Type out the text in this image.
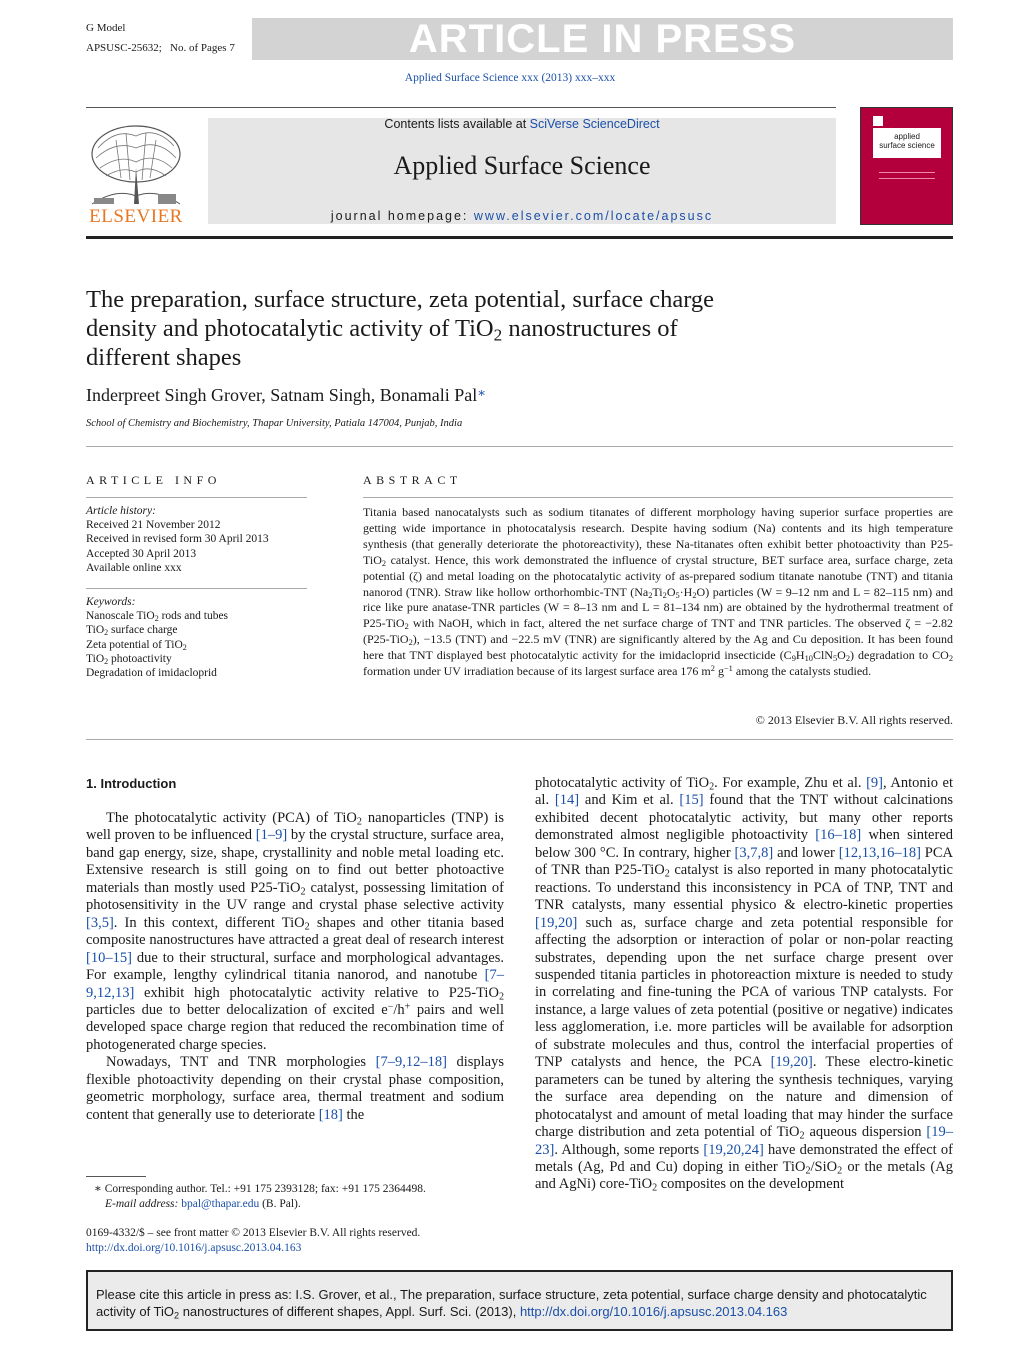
G Model
APSUSC-25632; No. of Pages 7	ARTICLE IN PRESS
Applied Surface Science xxx (2013) xxx–xxx
ELSEVIER
Contents lists available at SciVerse ScienceDirect
Applied Surface Science
journal homepage: www.elsevier.com/locate/apsusc
applied
surface science
The preparation, surface structure, zeta potential, surface charge
density and photocatalytic activity of TiO$_2$ nanostructures of
different shapes
Inderpreet Singh Grover, Satnam Singh, Bonamali Pal∗
School of Chemistry and Biochemistry, Thapar University, Patiala 147004, Punjab, India
ARTICLE INFO
Article history:
Received 21 November 2012
Received in revised form 30 April 2013
Accepted 30 April 2013
Available online xxx
Keywords:
Nanoscale TiO$_2$ rods and tubes
TiO$_2$ surface charge
Zeta potential of TiO$_2$
TiO$_2$ photoactivity
Degradation of imidacloprid
ABSTRACT
Titania based nanocatalysts such as sodium titanates of different morphology having superior surface properties are getting wide importance in photocatalysis research. Despite having sodium (Na) contents and its high temperature synthesis (that generally deteriorate the photoreactivity), these Na-titanates often exhibit better photoactivity than P25-TiO$_2$ catalyst. Hence, this work demonstrated the influence of crystal structure, BET surface area, surface charge, zeta potential (ζ) and metal loading on the photocatalytic activity of as-prepared sodium titanate nanotube (TNT) and titania nanorod (TNR). Straw like hollow orthorhombic-TNT $(Na_2Ti_2O_5\cdot H_2O)$ particles (W = 9–12 nm and L = 82–115 nm) and rice like pure anatase-TNR particles (W = 8–13 nm and L = 81–134 nm) are obtained by the hydrothermal treatment of P25-TiO$_2$ with NaOH, which in fact, altered the net surface charge of TNT and TNR particles. The observed ζ = −2.82 (P25-TiO$_2$), −13.5 (TNT) and −22.5 mV (TNR) are significantly altered by the Ag and Cu deposition. It has been found here that TNT displayed best photocatalytic activity for the imidacloprid insecticide $(C_9H_{10}ClN_5O_2)$ degradation to $CO_2$ formation under UV irradiation because of its largest surface area 176 $m^2$ $g^{-1}$ among the catalysts studied.
© 2013 Elsevier B.V. All rights reserved.
1. Introduction

The photocatalytic activity (PCA) of TiO$_2$ nanoparticles (TNP) is well proven to be influenced [1–9] by the crystal structure, surface area, band gap energy, size, shape, crystallinity and noble metal loading etc. Extensive research is still going on to find out better photoactive materials than mostly used P25-TiO$_2$ catalyst, possessing limitation of photosensitivity in the UV range and crystal phase selective activity [3,5]. In this context, different TiO$_2$ shapes and other titania based composite nanostructures have attracted a great deal of research interest [10–15] due to their structural, surface and morphological advantages. For example, lengthy cylindrical titania nanorod, and nanotube [7–9,12,13] exhibit high photocatalytic activity relative to P25-TiO$_2$ particles due to better delocalization of excited e−/h+ pairs and well developed space charge region that reduced the recombination time of photogenerated charge species.

Nowadays, TNT and TNR morphologies [7–9,12–18] displays flexible photoactivity depending on their crystal phase composition, geometric morphology, surface area, thermal treatment and sodium content that generally use to deteriorate [18] the

photocatalytic activity of TiO$_2$. For example, Zhu et al. [9], Antonio et al. [14] and Kim et al. [15] found that the TNT without calcinations exhibited decent photocatalytic activity, but many other reports demonstrated almost negligible photoactivity [16–18] when sintered below 300 °C. In contrary, higher [3,7,8] and lower [12,13,16–18] PCA of TNR than P25-TiO$_2$ catalyst is also reported in many photocatalytic reactions. To understand this inconsistency in PCA of TNP, TNT and TNR catalysts, many essential physico & electro-kinetic properties [19,20] such as, surface charge and zeta potential responsible for affecting the adsorption or interaction of polar or non-polar reacting substrates, depending upon the net surface charge present over suspended titania particles in photoreaction mixture is needed to study in correlating and fine-tuning the PCA of various TNP catalysts. For instance, a large values of zeta potential (positive or negative) indicates less agglomeration, i.e. more particles will be available for adsorption of substrate molecules and thus, control the interfacial properties of TNP catalysts and hence, the PCA [19,20]. These electro-kinetic parameters can be tuned by altering the synthesis techniques, varying the surface area depending on the nature and dimension of photocatalyst and amount of metal loading that may hinder the surface charge distribution and zeta potential of TiO$_2$ aqueous dispersion [19–23]. Although, some reports [19,20,24] have demonstrated the effect of metals (Ag, Pd and Cu) doping in either TiO$_2$/SiO$_2$ or the metals (Ag and AgNi) core-TiO$_2$ composites on the development

∗ Corresponding author. Tel.: +91 175 2393128; fax: +91 175 2364498.
E-mail address: bpal@thapar.edu (B. Pal).
0169-4332/$ – see front matter © 2013 Elsevier B.V. All rights reserved.
http://dx.doi.org/10.1016/j.apsusc.2013.04.163
Please cite this article in press as: I.S. Grover, et al., The preparation, surface structure, zeta potential, surface charge density and photocatalytic
activity of TiO$_2$ nanostructures of different shapes, Appl. Surf. Sci. (2013), http://dx.doi.org/10.1016/j.apsusc.2013.04.163
